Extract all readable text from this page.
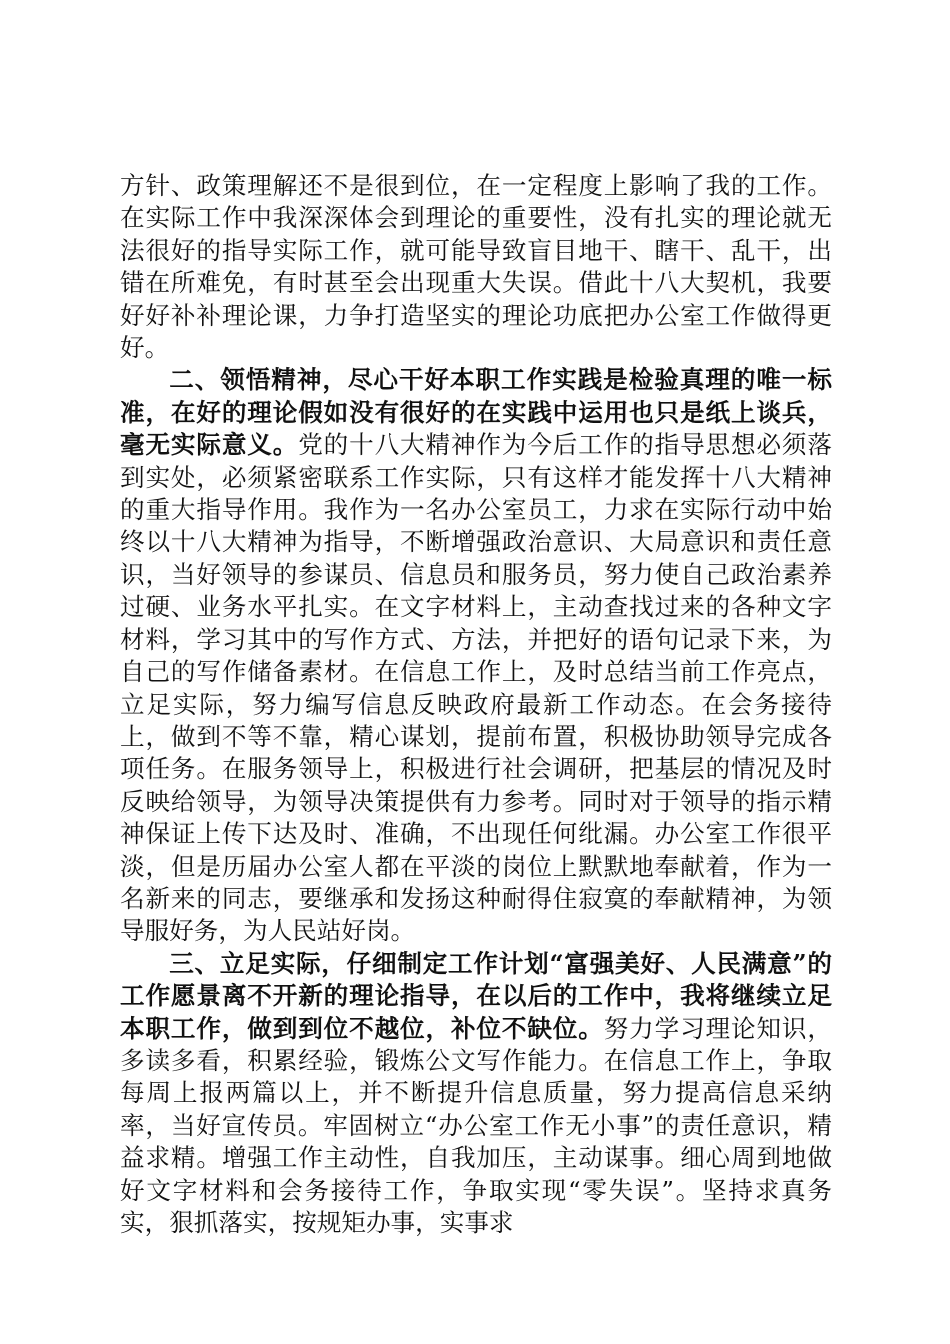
方针、政策理解还不是很到位，在一定程度上影响了我的工作。在实际工作中我深深体会到理论的重要性，没有扎实的理论就无法很好的指导实际工作，就可能导致盲目地干、瞎干、乱干，出错在所难免，有时甚至会出现重大失误。借此十八大契机，我要好好补补理论课，力争打造坚实的理论功底把办公室工作做得更好。

二、领悟精神，尽心干好本职工作实践是检验真理的唯一标准，在好的理论假如没有很好的在实践中运用也只是纸上谈兵，毫无实际意义。党的十八大精神作为今后工作的指导思想必须落到实处，必须紧密联系工作实际，只有这样才能发挥十八大精神的重大指导作用。我作为一名办公室员工，力求在实际行动中始终以十八大精神为指导，不断增强政治意识、大局意识和责任意识，当好领导的参谋员、信息员和服务员，努力使自己政治素养过硬、业务水平扎实。在文字材料上，主动查找过来的各种文字材料，学习其中的写作方式、方法，并把好的语句记录下来，为自己的写作储备素材。在信息工作上，及时总结当前工作亮点，立足实际，努力编写信息反映政府最新工作动态。在会务接待上，做到不等不靠，精心谋划，提前布置，积极协助领导完成各项任务。在服务领导上，积极进行社会调研，把基层的情况及时反映给领导，为领导决策提供有力参考。同时对于领导的指示精神保证上传下达及时、准确，不出现任何纰漏。办公室工作很平淡，但是历届办公室人都在平淡的岗位上默默地奉献着，作为一名新来的同志，要继承和发扬这种耐得住寂寞的奉献精神，为领导服好务，为人民站好岗。

三、立足实际，仔细制定工作计划“富强美好、人民满意”的工作愿景离不开新的理论指导，在以后的工作中，我将继续立足本职工作，做到到位不越位，补位不缺位。努力学习理论知识，多读多看，积累经验，锻炼公文写作能力。在信息工作上，争取每周上报两篇以上，并不断提升信息质量，努力提高信息采纳率，当好宣传员。牢固树立“办公室工作无小事”的责任意识，精益求精。增强工作主动性，自我加压，主动谋事。细心周到地做好文字材料和会务接待工作，争取实现“零失误”。坚持求真务实，狠抓落实，按规矩办事，实事求
